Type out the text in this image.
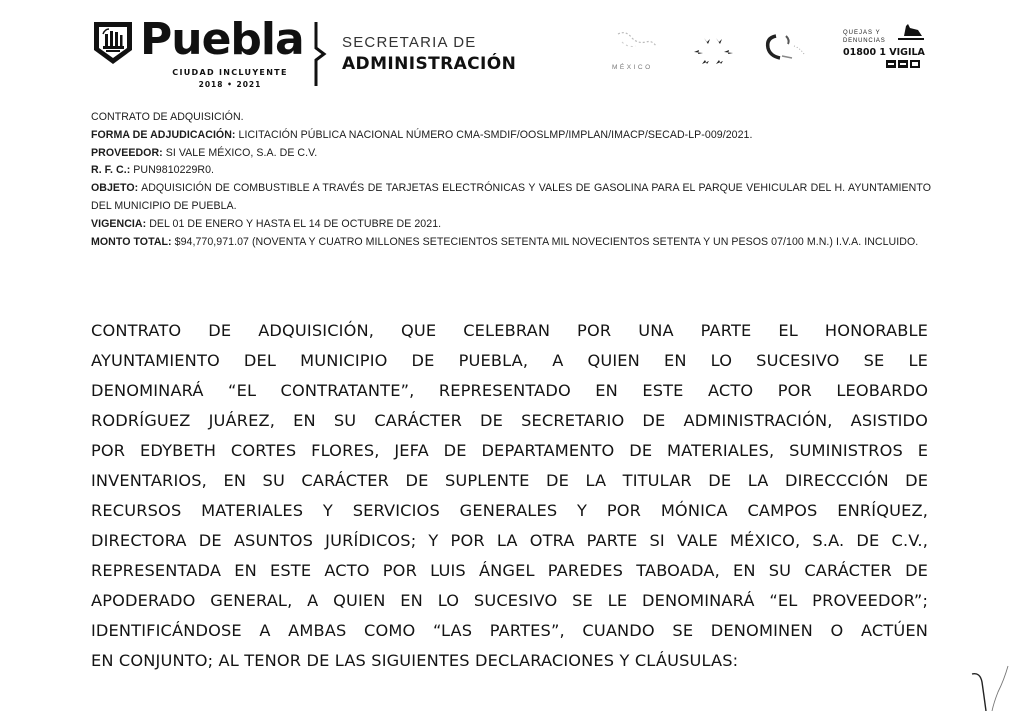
Puebla
CIUDAD INCLUYENTE
2018 • 2021
SECRETARIA DE
ADMINISTRACIÓN	MÉXICO
QUEJAS Y
DENUNCIAS
01800 1 VIGILA
CONTRATO DE ADQUISICIÓN.
FORMA DE ADJUDICACIÓN: LICITACIÓN PÚBLICA NACIONAL NÚMERO CMA-SMDIF/OOSLMP/IMPLAN/IMACP/SECAD-LP-009/2021.
PROVEEDOR: SI VALE MÉXICO, S.A. DE C.V.
R. F. C.: PUN9810229R0.
OBJETO: ADQUISICIÓN DE COMBUSTIBLE A TRAVÉS DE TARJETAS ELECTRÓNICAS Y VALES DE GASOLINA PARA EL PARQUE VEHICULAR DEL H. AYUNTAMIENTO DEL MUNICIPIO DE PUEBLA.
VIGENCIA: DEL 01 DE ENERO Y HASTA EL 14 DE OCTUBRE DE 2021.
MONTO TOTAL: $94,770,971.07 (NOVENTA Y CUATRO MILLONES SETECIENTOS SETENTA MIL NOVECIENTOS SETENTA Y UN PESOS 07/100 M.N.) I.V.A. INCLUIDO.
CONTRATO DE ADQUISICIÓN, QUE CELEBRAN POR UNA PARTE EL HONORABLE
AYUNTAMIENTO DEL MUNICIPIO DE PUEBLA, A QUIEN EN LO SUCESIVO SE LE
DENOMINARÁ “EL CONTRATANTE”, REPRESENTADO EN ESTE ACTO POR LEOBARDO
RODRÍGUEZ JUÁREZ, EN SU CARÁCTER DE SECRETARIO DE ADMINISTRACIÓN, ASISTIDO
POR EDYBETH CORTES FLORES, JEFA DE DEPARTAMENTO DE MATERIALES, SUMINISTROS E
INVENTARIOS, EN SU CARÁCTER DE SUPLENTE DE LA TITULAR DE LA DIRECCCIÓN DE
RECURSOS MATERIALES Y SERVICIOS GENERALES Y POR MÓNICA CAMPOS ENRÍQUEZ,
DIRECTORA DE ASUNTOS JURÍDICOS; Y POR LA OTRA PARTE SI VALE MÉXICO, S.A. DE C.V.,
REPRESENTADA EN ESTE ACTO POR LUIS ÁNGEL PAREDES TABOADA, EN SU CARÁCTER DE
APODERADO GENERAL, A QUIEN EN LO SUCESIVO SE LE DENOMINARÁ “EL PROVEEDOR”;
IDENTIFICÁNDOSE A AMBAS COMO “LAS PARTES”, CUANDO SE DENOMINEN O ACTÚEN
EN CONJUNTO; AL TENOR DE LAS SIGUIENTES DECLARACIONES Y CLÁUSULAS:
